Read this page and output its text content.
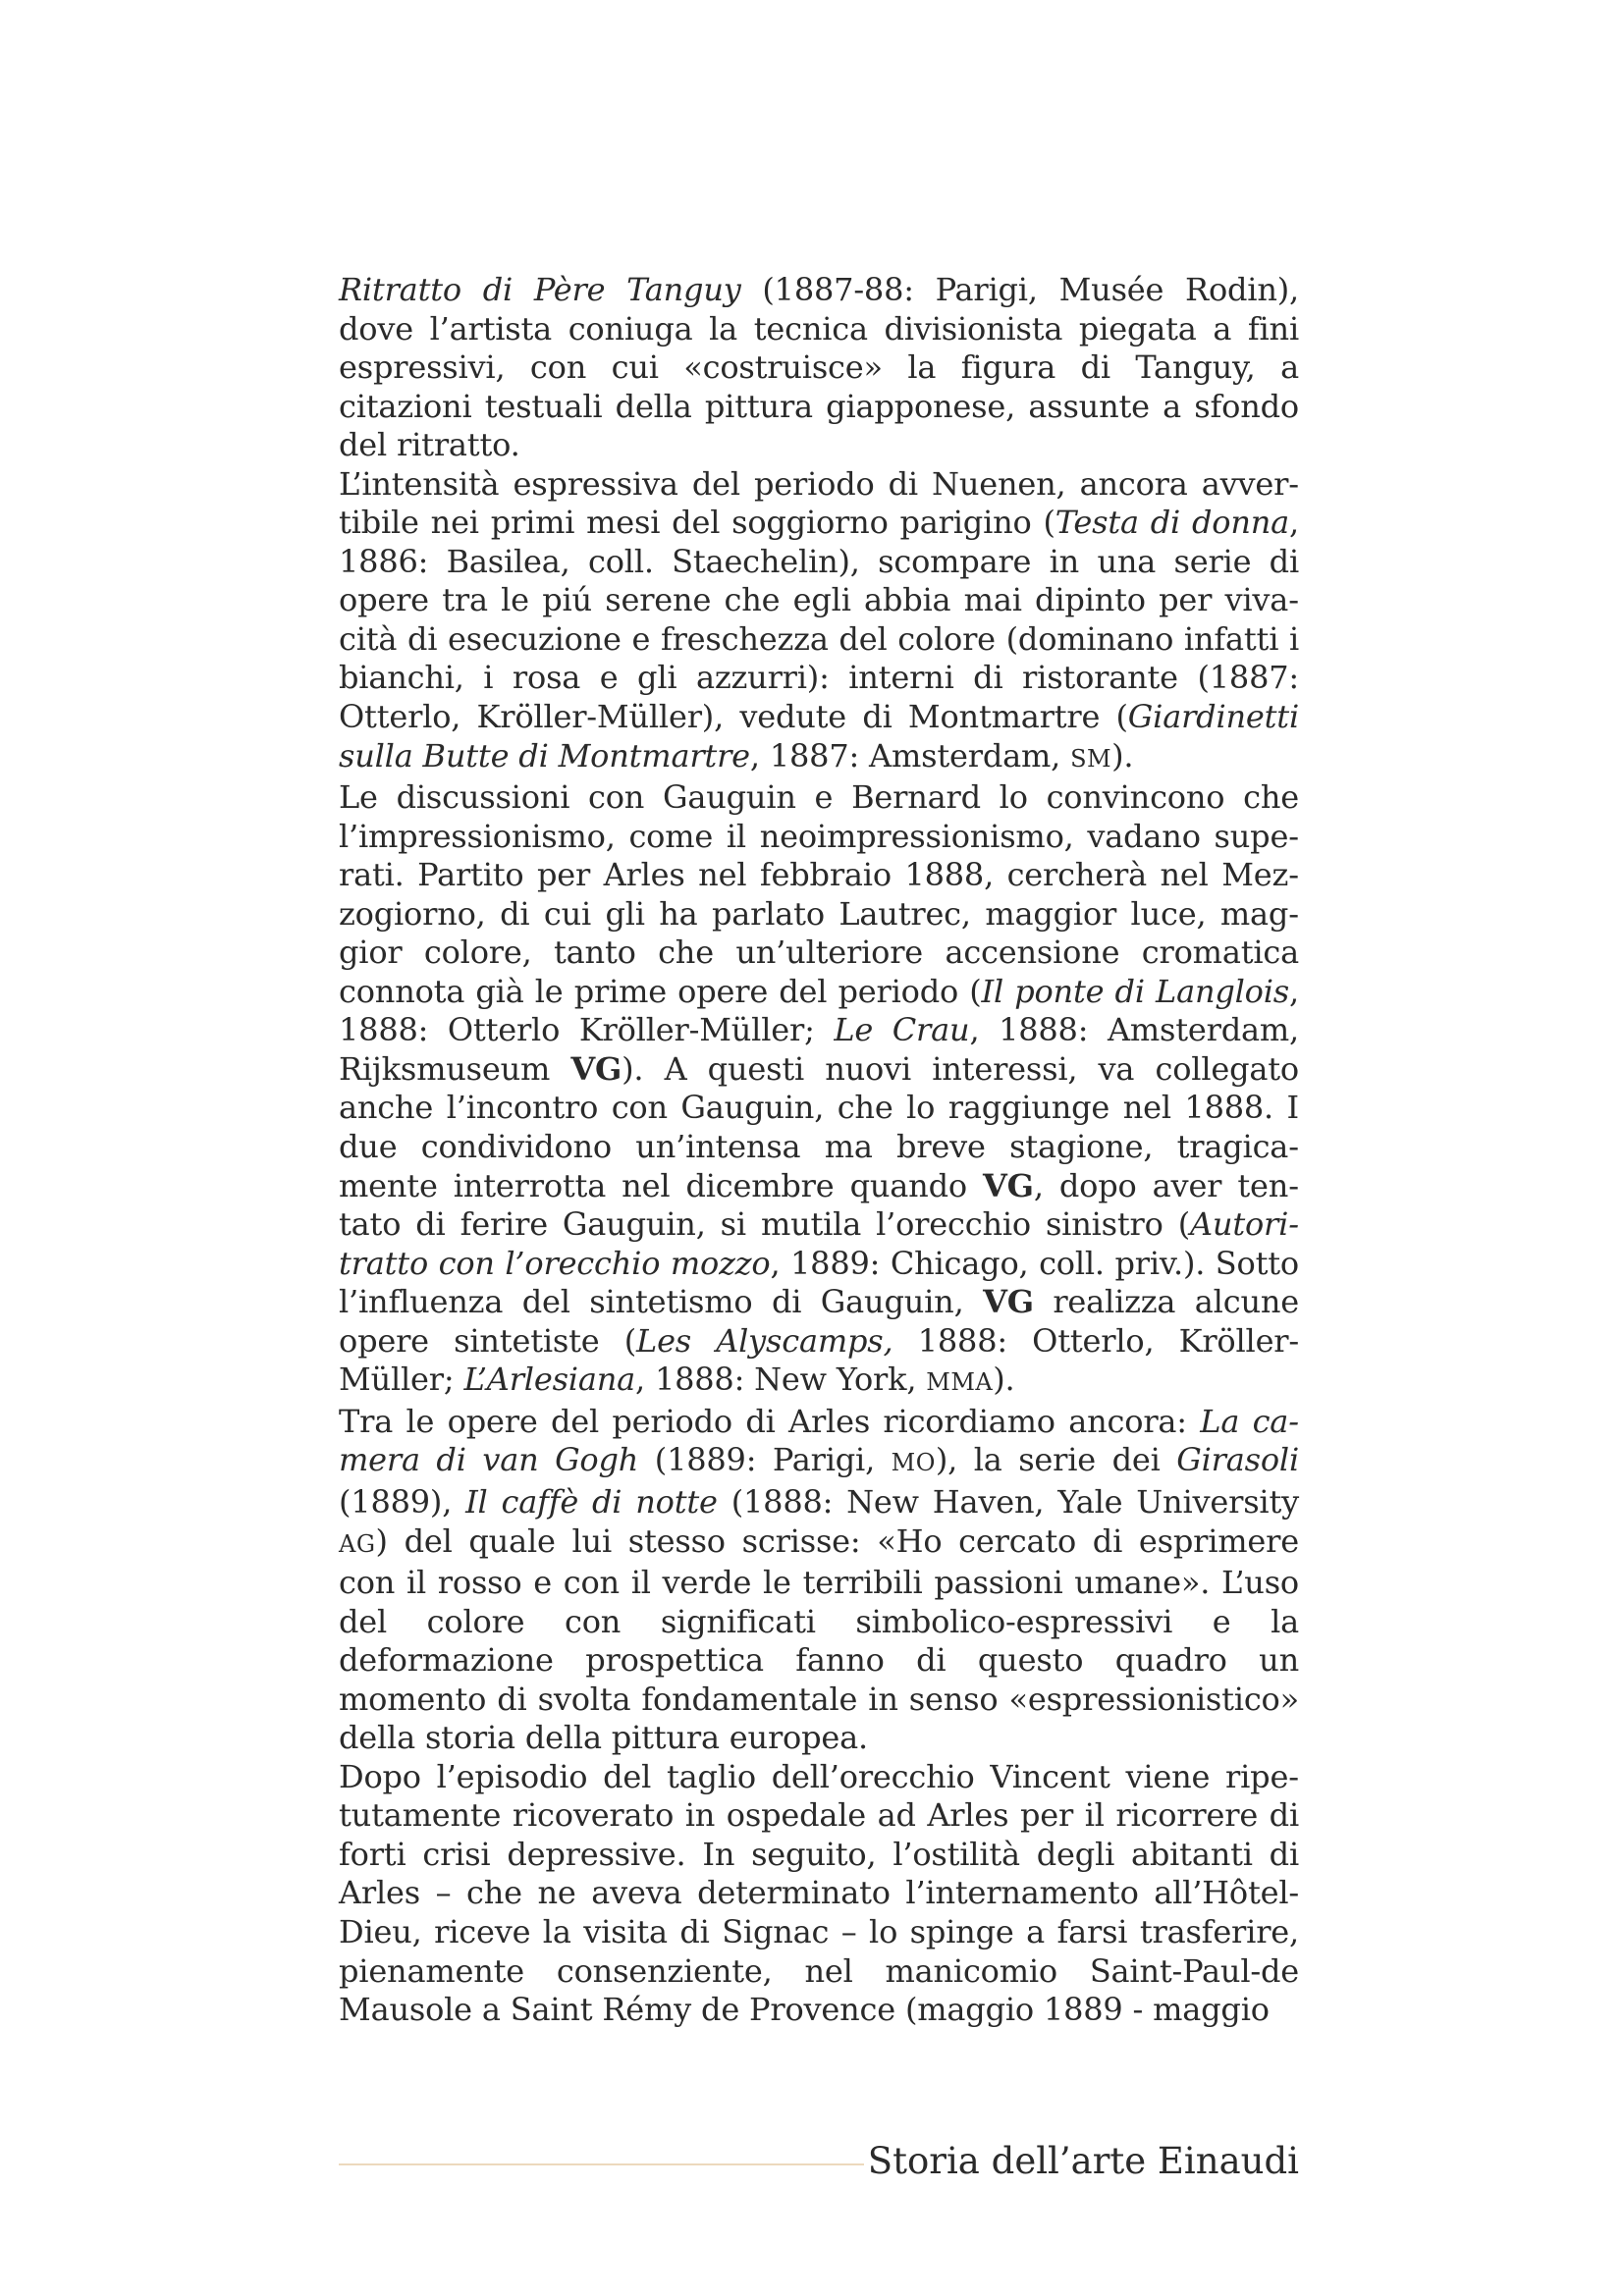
Ritratto di Père Tanguy (1887-88: Parigi, Musée Rodin), dove l’artista coniuga la tecnica divisionista piegata a fini espressivi, con cui «costruisce» la figura di Tanguy, a citazioni testuali della pittura giapponese, assunte a sfondo del ritratto.

L’intensità espressiva del periodo di Nuenen, ancora avvertibile nei primi mesi del soggiorno parigino (Testa di donna, 1886: Basilea, coll. Staechelin), scompare in una serie di opere tra le piú serene che egli abbia mai dipinto per vivacità di esecuzione e freschezza del colore (dominano infatti i bianchi, i rosa e gli azzurri): interni di ristorante (1887: Otterlo, Kröller-Müller), vedute di Montmartre (Giardinetti sulla Butte di Montmartre, 1887: Amsterdam, SM).

Le discussioni con Gauguin e Bernard lo convincono che l’impressionismo, come il neoimpressionismo, vadano superati. Partito per Arles nel febbraio 1888, cercherà nel Mezzogiorno, di cui gli ha parlato Lautrec, maggior luce, maggior colore, tanto che un’ulteriore accensione cromatica connota già le prime opere del periodo (Il ponte di Langlois, 1888: Otterlo Kröller-Müller; Le Crau, 1888: Amsterdam, Rijksmuseum VG). A questi nuovi interessi, va collegato anche l’incontro con Gauguin, che lo raggiunge nel 1888. I due condividono un’intensa ma breve stagione, tragicamente interrotta nel dicembre quando VG, dopo aver tentato di ferire Gauguin, si mutila l’orecchio sinistro (Autoritratto con l’orecchio mozzo, 1889: Chicago, coll. priv.). Sotto l’influenza del sintetismo di Gauguin, VG realizza alcune opere sintetiste (Les Alyscamps, 1888: Otterlo, Kröller-Müller; L’Arlesiana, 1888: New York, MMA).

Tra le opere del periodo di Arles ricordiamo ancora: La camera di van Gogh (1889: Parigi, MO), la serie dei Girasoli (1889), Il caffè di notte (1888: New Haven, Yale University AG) del quale lui stesso scrisse: «Ho cercato di esprimere con il rosso e con il verde le terribili passioni umane». L’uso del colore con significati simbolico-espressivi e la deformazione prospettica fanno di questo quadro un momento di svolta fondamentale in senso «espressionistico» della storia della pittura europea.

Dopo l’episodio del taglio dell’orecchio Vincent viene ripetutamente ricoverato in ospedale ad Arles per il ricorrere di forti crisi depressive. In seguito, l’ostilità degli abitanti di Arles – che ne aveva determinato l’internamento all’Hôtel-Dieu, riceve la visita di Signac – lo spinge a farsi trasferire, pienamente consenziente, nel manicomio Saint-Paul-de Mausole a Saint Rémy de Provence (maggio 1889 - maggio

Storia dell’arte Einaudi
